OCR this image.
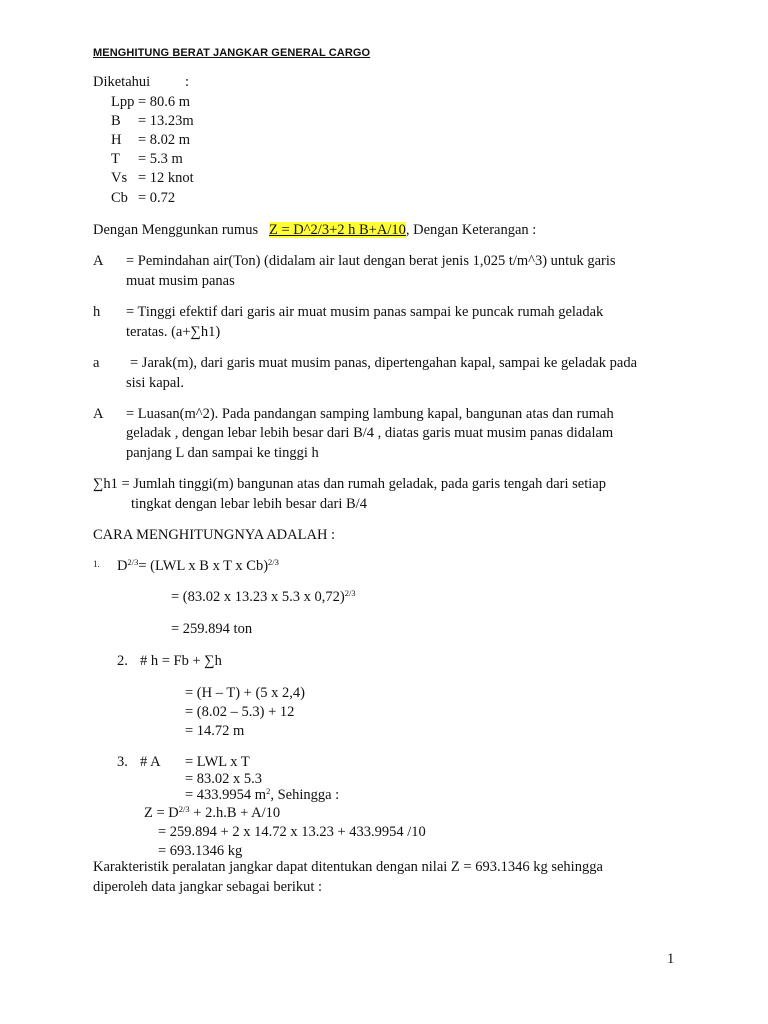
MENGHITUNG BERAT JANGKAR GENERAL CARGO
Diketahui :
Lpp = 80.6 m
B = 13.23m
H = 8.02 m
T = 5.3 m
Vs = 12 knot
Cb = 0.72
Dengan Menggunkan rumus Z = D^2/3+2 h B+A/10, Dengan Keterangan :
A = Pemindahan air(Ton) (didalam air laut dengan berat jenis 1,025 t/m^3) untuk garis
muat musim panas
h = Tinggi efektif dari garis air muat musim panas sampai ke puncak rumah geladak
teratas. (a+∑h1)
a = Jarak(m), dari garis muat musim panas, dipertengahan kapal, sampai ke geladak pada
sisi kapal.
A = Luasan(m^2). Pada pandangan samping lambung kapal, bangunan atas dan rumah
geladak , dengan lebar lebih besar dari B/4 , diatas garis muat musim panas didalam
panjang L dan sampai ke tinggi h
∑h1 = Jumlah tinggi(m) bangunan atas dan rumah geladak, pada garis tengah dari setiap
tingkat dengan lebar lebih besar dari B/4
CARA MENGHITUNGNYA ADALAH :
1. $D^{2/3}= (LWL$ x B x T x Cb)$^{2/3}$
= (83.02 x 13.23 x 5.3 x 0,72)$^{2/3}$
= 259.894 ton
2. # h = Fb + ∑h
= (H – T) + (5 x 2,4)
= (8.02 – 5.3) + 12
= 14.72 m
3. # A = LWL x T
= 83.02 x 5.3
= 433.9954 $m^2$, Sehingga :
$Z = D^{2/3} + 2.h.B + A/10$
= 259.894 + 2 x 14.72 x 13.23 + 433.9954 /10
= 693.1346 kg
Karakteristik peralatan jangkar dapat ditentukan dengan nilai Z = 693.1346 kg sehingga
diperoleh data jangkar sebagai berikut :
1
